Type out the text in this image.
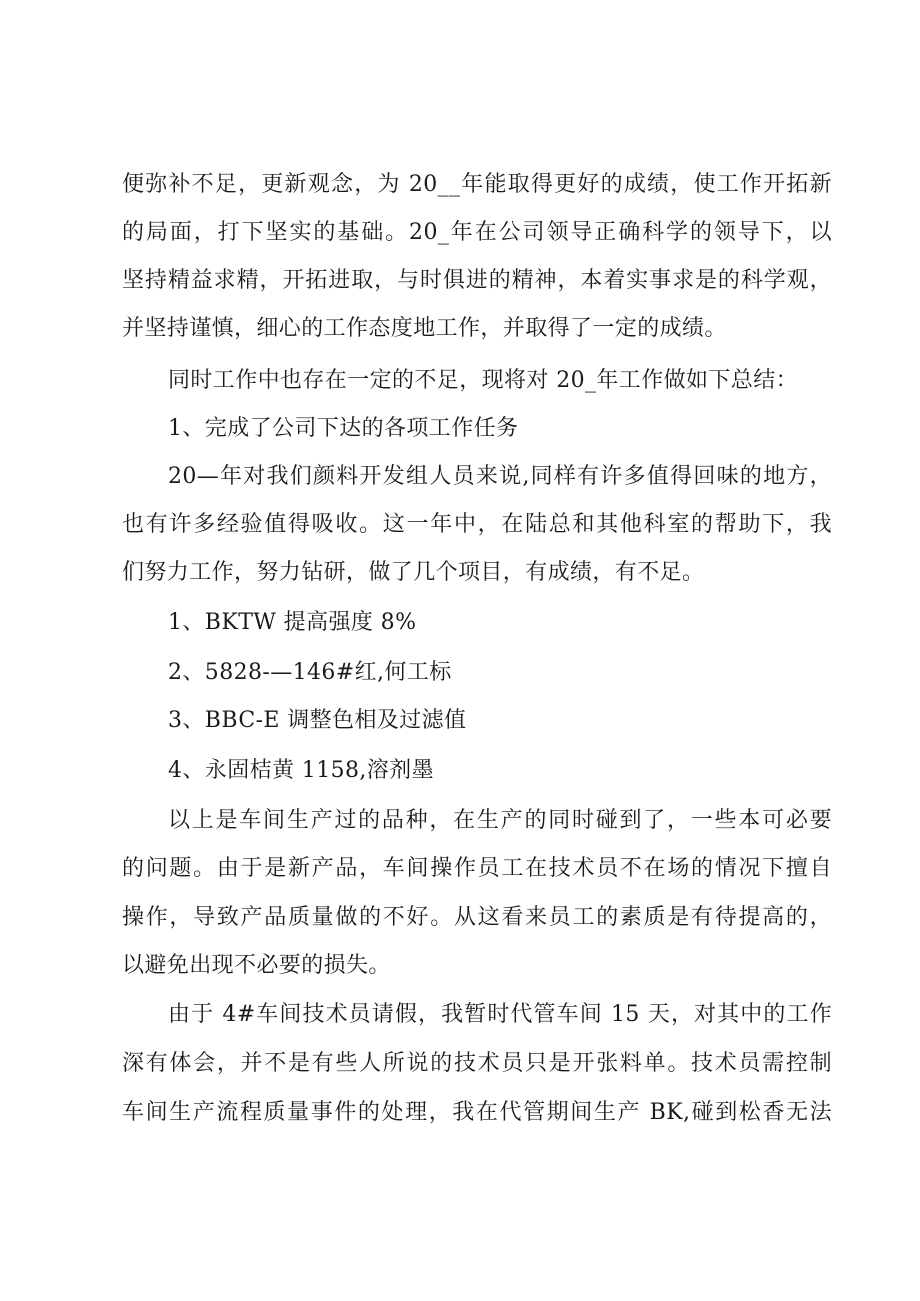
便弥补不足，更新观念，为 20__年能取得更好的成绩，使工作开拓新
的局面，打下坚实的基础。20_年在公司领导正确科学的领导下，以
坚持精益求精，开拓进取，与时俱进的精神，本着实事求是的科学观，
并坚持谨慎，细心的工作态度地工作，并取得了一定的成绩。
同时工作中也存在一定的不足，现将对 20_年工作做如下总结：
1、完成了公司下达的各项工作任务
20—年对我们颜料开发组人员来说,同样有许多值得回味的地方，
也有许多经验值得吸收。这一年中，在陆总和其他科室的帮助下，我
们努力工作，努力钻研，做了几个项目，有成绩，有不足。
1、BKTW 提高强度 8%
2、5828-—146#红,何工标
3、BBC-E 调整色相及过滤值
4、永固桔黄 1158,溶剂墨
以上是车间生产过的品种，在生产的同时碰到了，一些本可必要
的问题。由于是新产品，车间操作员工在技术员不在场的情况下擅自
操作，导致产品质量做的不好。从这看来员工的素质是有待提高的，
以避免出现不必要的损失。
由于 4#车间技术员请假，我暂时代管车间 15 天，对其中的工作
深有体会，并不是有些人所说的技术员只是开张料单。技术员需控制
车间生产流程质量事件的处理，我在代管期间生产 BK,碰到松香无法
